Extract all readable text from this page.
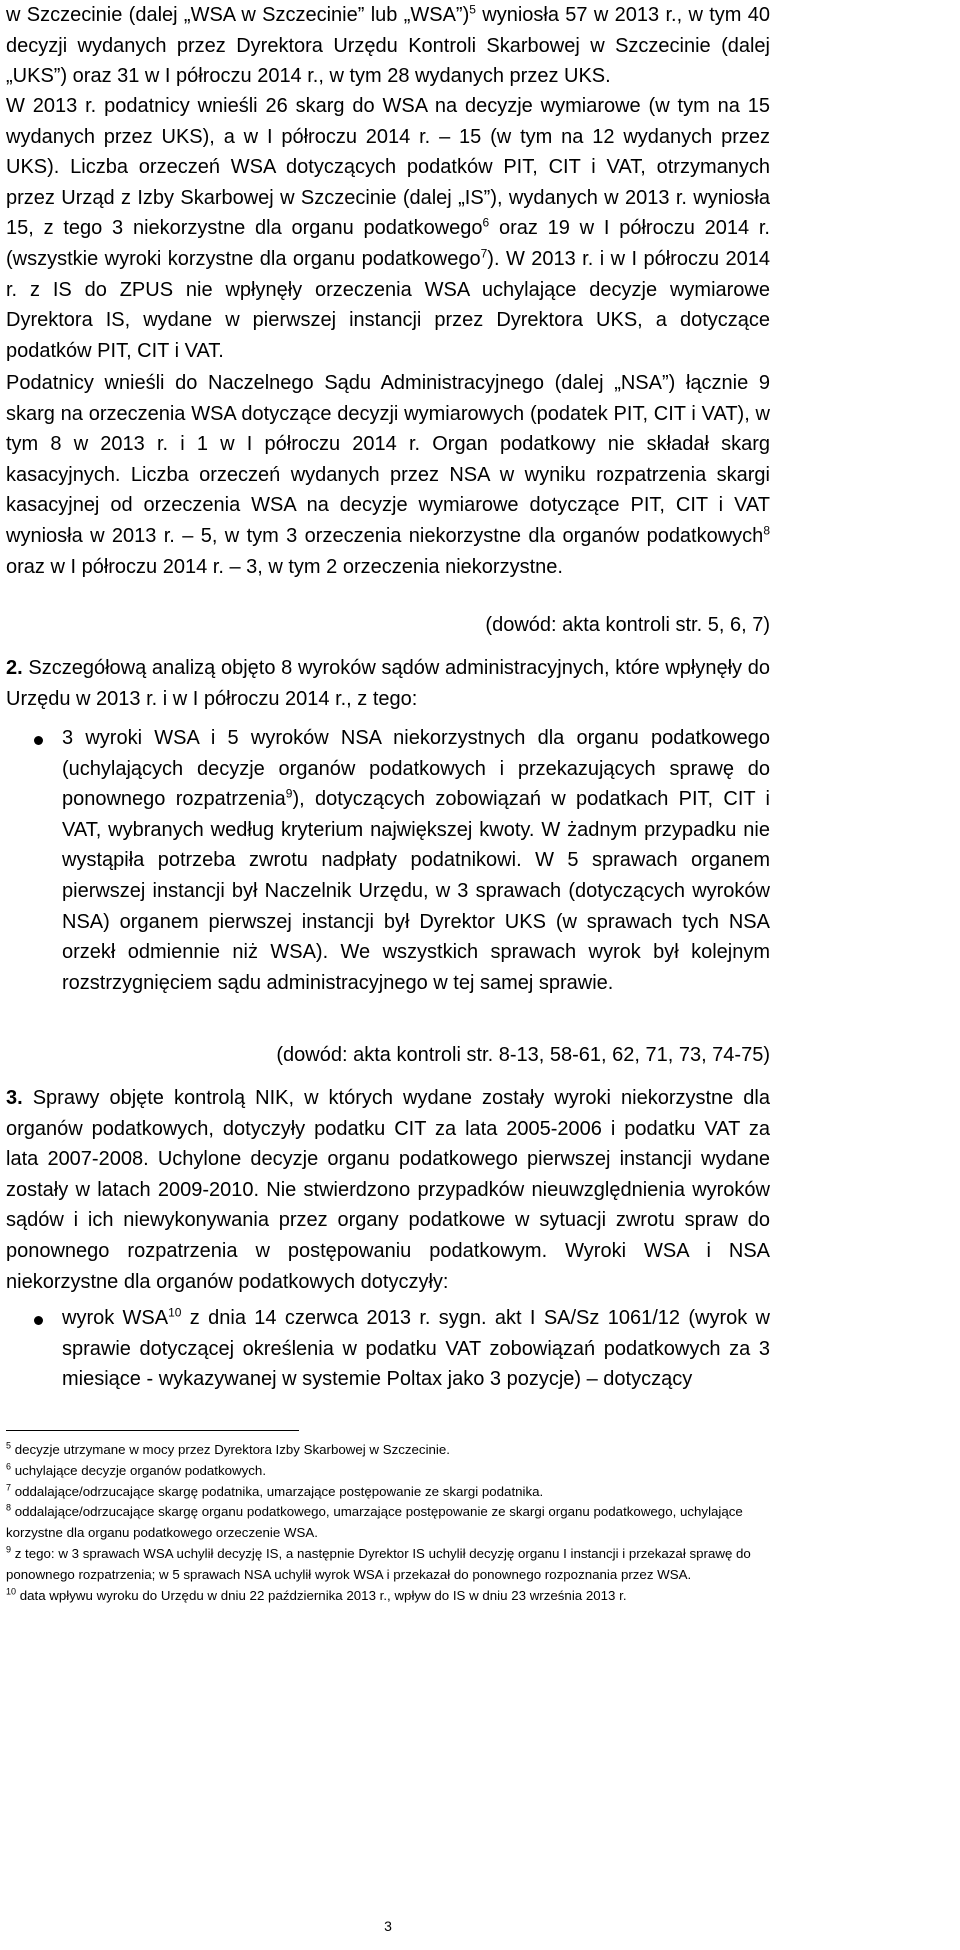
w Szczecinie (dalej „WSA w Szczecinie” lub „WSA”)$^5$ wyniosła 57 w 2013 r., w tym 40 decyzji wydanych przez Dyrektora Urzędu Kontroli Skarbowej w Szczecinie (dalej „UKS”) oraz 31 w I półroczu 2014 r., w tym 28 wydanych przez UKS.

W 2013 r. podatnicy wnieśli 26 skarg do WSA na decyzje wymiarowe (w tym na 15 wydanych przez UKS), a w I półroczu 2014 r. – 15 (w tym na 12 wydanych przez UKS). Liczba orzeczeń WSA dotyczących podatków PIT, CIT i VAT, otrzymanych przez Urząd z Izby Skarbowej w Szczecinie (dalej „IS”), wydanych w 2013 r. wyniosła 15, z tego 3 niekorzystne dla organu podatkowego$^6$ oraz 19 w I półroczu 2014 r. (wszystkie wyroki korzystne dla organu podatkowego$^7$). W 2013 r. i w I półroczu 2014 r. z IS do ZPUS nie wpłynęły orzeczenia WSA uchylające decyzje wymiarowe Dyrektora IS, wydane w pierwszej instancji przez Dyrektora UKS, a dotyczące podatków PIT, CIT i VAT.

Podatnicy wnieśli do Naczelnego Sądu Administracyjnego (dalej „NSA”) łącznie 9 skarg na orzeczenia WSA dotyczące decyzji wymiarowych (podatek PIT, CIT i VAT), w tym 8 w 2013 r. i 1 w I półroczu 2014 r. Organ podatkowy nie składał skarg kasacyjnych. Liczba orzeczeń wydanych przez NSA w wyniku rozpatrzenia skargi kasacyjnej od orzeczenia WSA na decyzje wymiarowe dotyczące PIT, CIT i VAT wyniosła w 2013 r. – 5, w tym 3 orzeczenia niekorzystne dla organów podatkowych$^8$ oraz w I półroczu 2014 r. – 3, w tym 2 orzeczenia niekorzystne.

(dowód: akta kontroli str. 5, 6, 7)

2. Szczegółową analizą objęto 8 wyroków sądów administracyjnych, które wpłynęły do Urzędu w 2013 r. i w I półroczu 2014 r., z tego:

3 wyroki WSA i 5 wyroków NSA niekorzystnych dla organu podatkowego (uchylających decyzje organów podatkowych i przekazujących sprawę do ponownego rozpatrzenia$^9$), dotyczących zobowiązań w podatkach PIT, CIT i VAT, wybranych według kryterium największej kwoty. W żadnym przypadku nie wystąpiła potrzeba zwrotu nadpłaty podatnikowi. W 5 sprawach organem pierwszej instancji był Naczelnik Urzędu, w 3 sprawach (dotyczących wyroków NSA) organem pierwszej instancji był Dyrektor UKS (w sprawach tych NSA orzekł odmiennie niż WSA). We wszystkich sprawach wyrok był kolejnym rozstrzygnięciem sądu administracyjnego w tej samej sprawie.
(dowód: akta kontroli str. 8-13, 58-61, 62, 71, 73, 74-75)

3. Sprawy objęte kontrolą NIK, w których wydane zostały wyroki niekorzystne dla organów podatkowych, dotyczyły podatku CIT za lata 2005-2006 i podatku VAT za lata 2007-2008. Uchylone decyzje organu podatkowego pierwszej instancji wydane zostały w latach 2009-2010. Nie stwierdzono przypadków nieuwzględnienia wyroków sądów i ich niewykonywania przez organy podatkowe w sytuacji zwrotu spraw do ponownego rozpatrzenia w postępowaniu podatkowym. Wyroki WSA i NSA niekorzystne dla organów podatkowych dotyczyły:

wyrok WSA$^{10}$ z dnia 14 czerwca 2013 r. sygn. akt I SA/Sz 1061/12 (wyrok w sprawie dotyczącej określenia w podatku VAT zobowiązań podatkowych za 3 miesiące - wykazywanej w systemie Poltax jako 3 pozycje) – dotyczący

$^5$ decyzje utrzymane w mocy przez Dyrektora Izby Skarbowej w Szczecinie.

$^6$ uchylające decyzje organów podatkowych.

$^7$ oddalające/odrzucające skargę podatnika, umarzające postępowanie ze skargi podatnika.

$^8$ oddalające/odrzucające skargę organu podatkowego, umarzające postępowanie ze skargi organu podatkowego, uchylające korzystne dla organu podatkowego orzeczenie WSA.

$^9$ z tego: w 3 sprawach WSA uchylił decyzję IS, a następnie Dyrektor IS uchylił decyzję organu I instancji i przekazał sprawę do ponownego rozpatrzenia; w 5 sprawach NSA uchylił wyrok WSA i przekazał do ponownego rozpoznania przez WSA.

$^{10}$ data wpływu wyroku do Urzędu w dniu 22 października 2013 r., wpływ do IS w dniu 23 września 2013 r.

3
